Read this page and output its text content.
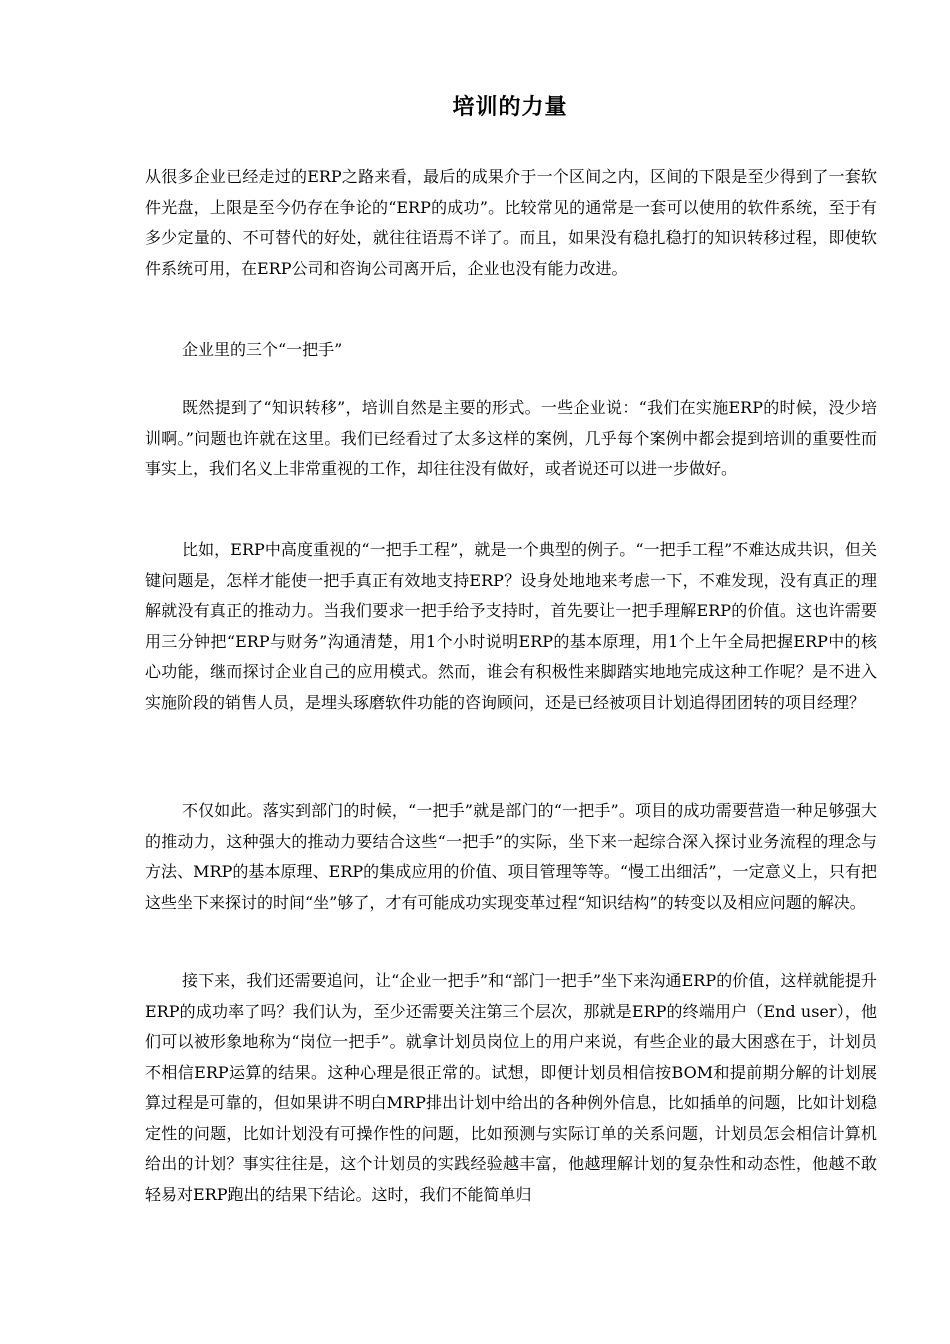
培训的力量

从很多企业已经走过的ERP之路来看，最后的成果介于一个区间之内，区间的下限是至少得到了一套软件光盘，上限是至今仍存在争论的“ERP的成功”。比较常见的通常是一套可以使用的软件系统，至于有多少定量的、不可替代的好处，就往往语焉不详了。而且，如果没有稳扎稳打的知识转移过程，即使软件系统可用，在ERP公司和咨询公司离开后，企业也没有能力改进。

企业里的三个“一把手”

既然提到了“知识转移”，培训自然是主要的形式。一些企业说：“我们在实施ERP的时候，没少培训啊。”问题也许就在这里。我们已经看过了太多这样的案例，几乎每个案例中都会提到培训的重要性而事实上，我们名义上非常重视的工作，却往往没有做好，或者说还可以进一步做好。

比如，ERP中高度重视的“一把手工程”，就是一个典型的例子。“一把手工程”不难达成共识，但关键问题是，怎样才能使一把手真正有效地支持ERP？设身处地地来考虑一下，不难发现，没有真正的理解就没有真正的推动力。当我们要求一把手给予支持时，首先要让一把手理解ERP的价值。这也许需要用三分钟把“ERP与财务”沟通清楚，用1个小时说明ERP的基本原理，用1个上午全局把握ERP中的核心功能，继而探讨企业自己的应用模式。然而，谁会有积极性来脚踏实地地完成这种工作呢？是不进入实施阶段的销售人员，是埋头琢磨软件功能的咨询顾问，还是已经被项目计划追得团团转的项目经理？

不仅如此。落实到部门的时候，“一把手”就是部门的“一把手”。项目的成功需要营造一种足够强大的推动力，这种强大的推动力要结合这些“一把手”的实际，坐下来一起综合深入探讨业务流程的理念与方法、MRP的基本原理、ERP的集成应用的价值、项目管理等等。“慢工出细活”，一定意义上，只有把这些坐下来探讨的时间“坐”够了，才有可能成功实现变革过程“知识结构”的转变以及相应问题的解决。

接下来，我们还需要追问，让“企业一把手”和“部门一把手”坐下来沟通ERP的价值，这样就能提升ERP的成功率了吗？我们认为，至少还需要关注第三个层次，那就是ERP的终端用户（End user），他们可以被形象地称为“岗位一把手”。就拿计划员岗位上的用户来说，有些企业的最大困惑在于，计划员不相信ERP运算的结果。这种心理是很正常的。试想，即便计划员相信按BOM和提前期分解的计划展算过程是可靠的，但如果讲不明白MRP排出计划中给出的各种例外信息，比如插单的问题，比如计划稳定性的问题，比如计划没有可操作性的问题，比如预测与实际订单的关系问题，计划员怎会相信计算机给出的计划？事实往往是，这个计划员的实践经验越丰富，他越理解计划的复杂性和动态性，他越不敢轻易对ERP跑出的结果下结论。这时，我们不能简单归
